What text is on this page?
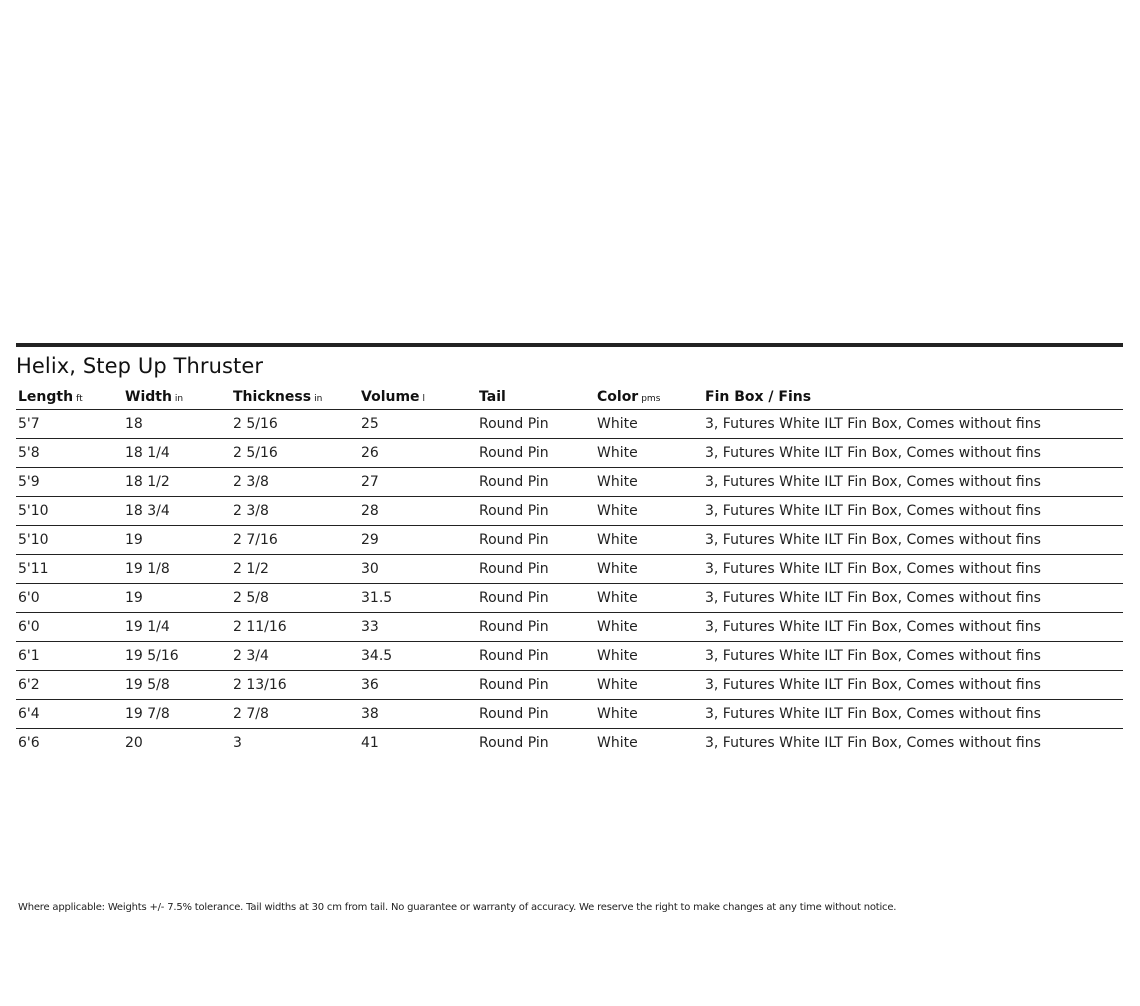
Helix, Step Up Thruster
Length ft	Width in	Thickness in	Volume l	Tail	Color pms	Fin Box / Fins
5'7	18	2 5/16	25	Round Pin	White	3, Futures White ILT Fin Box, Comes without fins
5'8	18 1/4	2 5/16	26	Round Pin	White	3, Futures White ILT Fin Box, Comes without fins
5'9	18 1/2	2 3/8	27	Round Pin	White	3, Futures White ILT Fin Box, Comes without fins
5'10	18 3/4	2 3/8	28	Round Pin	White	3, Futures White ILT Fin Box, Comes without fins
5'10	19	2 7/16	29	Round Pin	White	3, Futures White ILT Fin Box, Comes without fins
5'11	19 1/8	2 1/2	30	Round Pin	White	3, Futures White ILT Fin Box, Comes without fins
6'0	19	2 5/8	31.5	Round Pin	White	3, Futures White ILT Fin Box, Comes without fins
6'0	19 1/4	2 11/16	33	Round Pin	White	3, Futures White ILT Fin Box, Comes without fins
6'1	19 5/16	2 3/4	34.5	Round Pin	White	3, Futures White ILT Fin Box, Comes without fins
6'2	19 5/8	2 13/16	36	Round Pin	White	3, Futures White ILT Fin Box, Comes without fins
6'4	19 7/8	2 7/8	38	Round Pin	White	3, Futures White ILT Fin Box, Comes without fins
6'6	20	3	41	Round Pin	White	3, Futures White ILT Fin Box, Comes without fins
Where applicable: Weights +/- 7.5% tolerance. Tail widths at 30 cm from tail. No guarantee or warranty of accuracy. We reserve the right to make changes at any time without notice.
